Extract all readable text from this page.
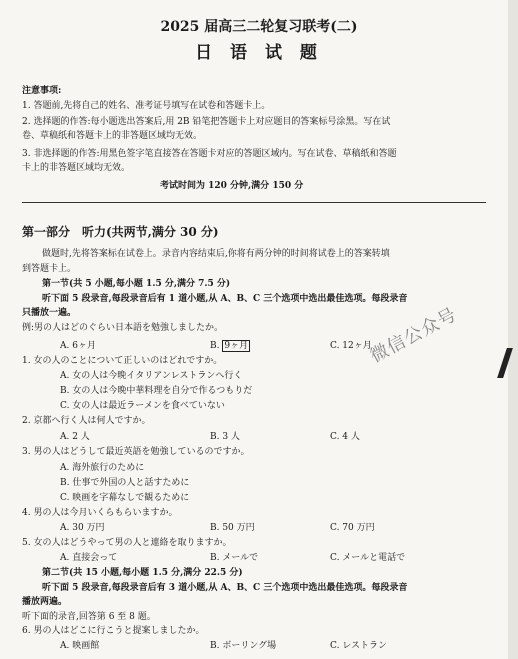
2025 届高三二轮复习联考(二)
日 语 试 题
注意事项:
1. 答题前,先将自己的姓名、准考证号填写在试卷和答题卡上。
2. 选择题的作答:每小题选出答案后,用 2B 铅笔把答题卡上对应题目的答案标号涂黑。写在试
卷、草稿纸和答题卡上的非答题区域均无效。
3. 非选择题的作答:用黑色签字笔直接答在答题卡对应的答题区域内。写在试卷、草稿纸和答题
卡上的非答题区域均无效。
考试时间为 120 分钟,满分 150 分
第一部分　听力(共两节,满分 30 分)
做题时,先将答案标在试卷上。录音内容结束后,你将有两分钟的时间将试卷上的答案转填
到答题卡上。
第一节(共 5 小题,每小题 1.5 分,满分 7.5 分)
听下面 5 段录音,每段录音后有 1 道小题,从 A、B、C 三个选项中选出最佳选项。每段录音
只播放一遍。
例:男の人はどのぐらい日本語を勉強しましたか。
A. 6ヶ月	B. 9ヶ月	C. 12ヶ月
1. 女の人のことについて正しいのはどれですか。
A. 女の人は今晩イタリアンレストランへ行く
B. 女の人は今晩中華料理を自分で作るつもりだ
C. 女の人は最近ラーメンを食べていない
2. 京都へ行く人は何人ですか。
A. 2 人	B. 3 人	C. 4 人
3. 男の人はどうして最近英語を勉強しているのですか。
A. 海外旅行のために
B. 仕事で外国の人と話すために
C. 映画を字幕なしで観るために
4. 男の人は今月いくらもらいますか。
A. 30 万円	B. 50 万円	C. 70 万円
5. 女の人はどうやって男の人と連絡を取りますか。
A. 直接会って	B. メールで	C. メールと電話で
第二节(共 15 小题,每小题 1.5 分,满分 22.5 分)
听下面 5 段录音,每段录音后有 3 道小题,从 A、B、C 三个选项中选出最佳选项。每段录音
播放两遍。
听下面的录音,回答第 6 至 8 题。
6. 男の人はどこに行こうと提案しましたか。
A. 映画館	B. ボーリング場	C. レストラン
微信公众号
